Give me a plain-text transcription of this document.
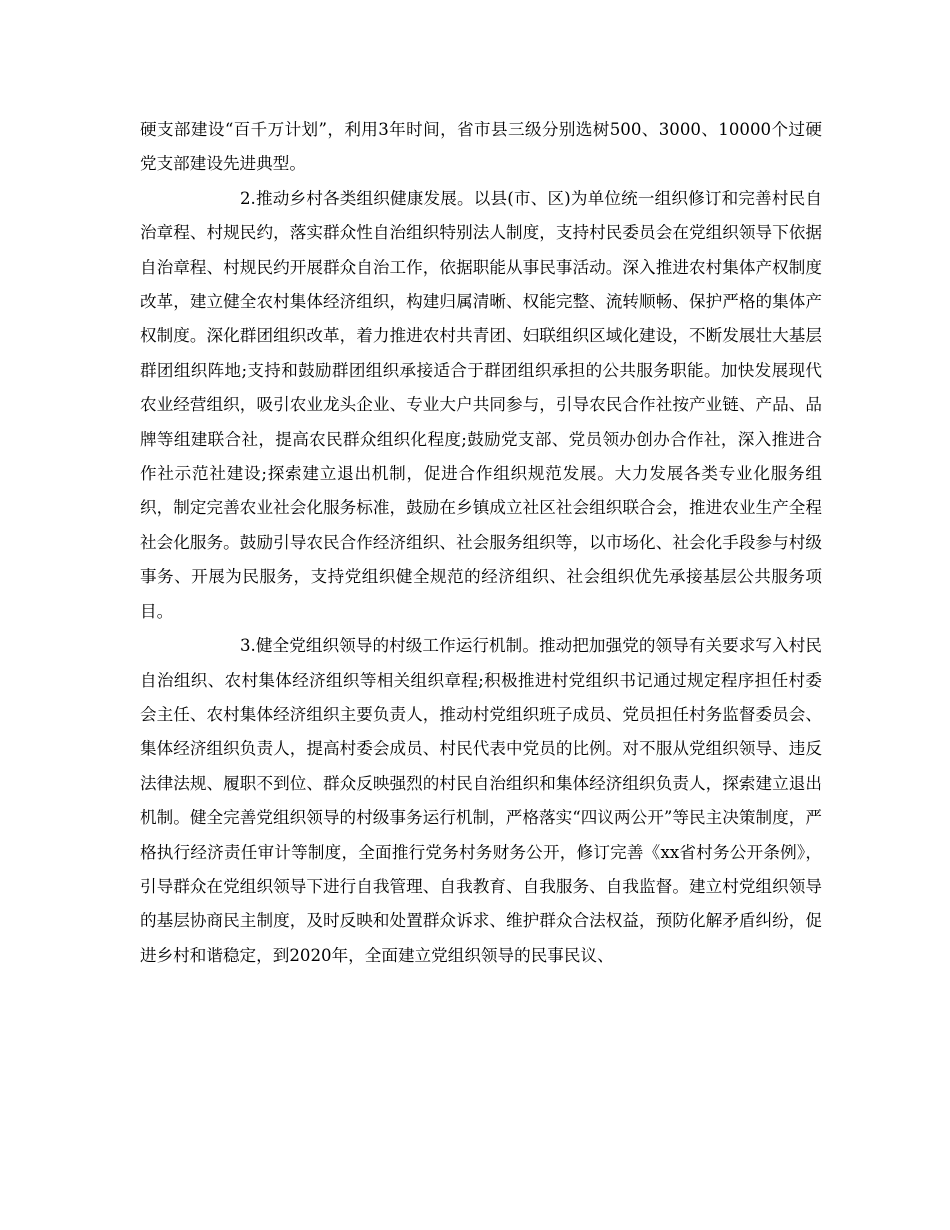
硬支部建设“百千万计划”，利用3年时间，省市县三级分别选树500、3000、10000个过硬党支部建设先进典型。

2.推动乡村各类组织健康发展。以县(市、区)为单位统一组织修订和完善村民自治章程、村规民约，落实群众性自治组织特别法人制度，支持村民委员会在党组织领导下依据自治章程、村规民约开展群众自治工作，依据职能从事民事活动。深入推进农村集体产权制度改革，建立健全农村集体经济组织，构建归属清晰、权能完整、流转顺畅、保护严格的集体产权制度。深化群团组织改革，着力推进农村共青团、妇联组织区域化建设，不断发展壮大基层群团组织阵地;支持和鼓励群团组织承接适合于群团组织承担的公共服务职能。加快发展现代农业经营组织，吸引农业龙头企业、专业大户共同参与，引导农民合作社按产业链、产品、品牌等组建联合社，提高农民群众组织化程度;鼓励党支部、党员领办创办合作社，深入推进合作社示范社建设;探索建立退出机制，促进合作组织规范发展。大力发展各类专业化服务组织，制定完善农业社会化服务标准，鼓励在乡镇成立社区社会组织联合会，推进农业生产全程社会化服务。鼓励引导农民合作经济组织、社会服务组织等，以市场化、社会化手段参与村级事务、开展为民服务，支持党组织健全规范的经济组织、社会组织优先承接基层公共服务项目。

3.健全党组织领导的村级工作运行机制。推动把加强党的领导有关要求写入村民自治组织、农村集体经济组织等相关组织章程;积极推进村党组织书记通过规定程序担任村委会主任、农村集体经济组织主要负责人，推动村党组织班子成员、党员担任村务监督委员会、集体经济组织负责人，提高村委会成员、村民代表中党员的比例。对不服从党组织领导、违反法律法规、履职不到位、群众反映强烈的村民自治组织和集体经济组织负责人，探索建立退出机制。健全完善党组织领导的村级事务运行机制，严格落实“四议两公开”等民主决策制度，严格执行经济责任审计等制度，全面推行党务村务财务公开，修订完善《xx省村务公开条例》，引导群众在党组织领导下进行自我管理、自我教育、自我服务、自我监督。建立村党组织领导的基层协商民主制度，及时反映和处置群众诉求、维护群众合法权益，预防化解矛盾纠纷，促进乡村和谐稳定，到2020年，全面建立党组织领导的民事民议、
